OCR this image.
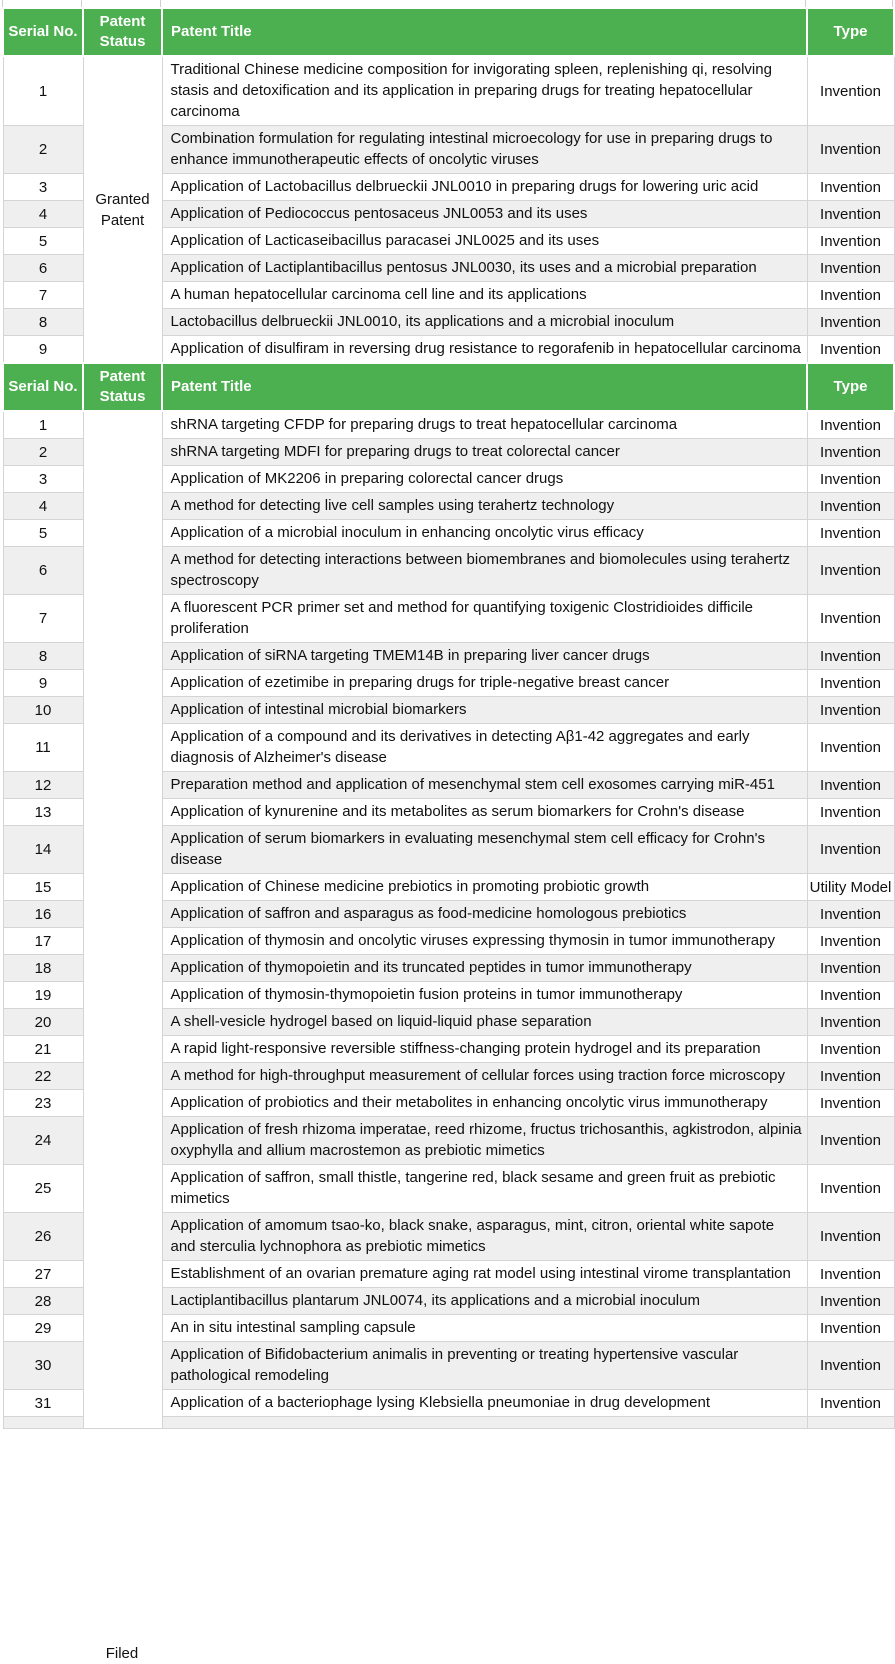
Serial No.	Patent Status	Patent Title	Type
1	Granted Patent	Traditional Chinese medicine composition for invigorating spleen, replenishing qi, resolving stasis and detoxification and its application in preparing drugs for treating hepatocellular carcinoma	Invention
2		Combination formulation for regulating intestinal microecology for use in preparing drugs to enhance immunotherapeutic effects of oncolytic viruses	Invention
3		Application of Lactobacillus delbrueckii JNL0010 in preparing drugs for lowering uric acid	Invention
4		Application of Pediococcus pentosaceus JNL0053 and its uses	Invention
5		Application of Lacticaseibacillus paracasei JNL0025 and its uses	Invention
6		Application of Lactiplantibacillus pentosus JNL0030, its uses and a microbial preparation	Invention
7		A human hepatocellular carcinoma cell line and its applications	Invention
8		Lactobacillus delbrueckii JNL0010, its applications and a microbial inoculum	Invention
9		Application of disulfiram in reversing drug resistance to regorafenib in hepatocellular carcinoma	Invention
Serial No.	Patent Status	Patent Title	Type
1		shRNA targeting CFDP for preparing drugs to treat hepatocellular carcinoma	Invention
2		shRNA targeting MDFI for preparing drugs to treat colorectal cancer	Invention
3		Application of MK2206 in preparing colorectal cancer drugs	Invention
4		A method for detecting live cell samples using terahertz technology	Invention
5		Application of a microbial inoculum in enhancing oncolytic virus efficacy	Invention
6		A method for detecting interactions between biomembranes and biomolecules using terahertz spectroscopy	Invention
7		A fluorescent PCR primer set and method for quantifying toxigenic Clostridioides difficile proliferation	Invention
8		Application of siRNA targeting TMEM14B in preparing liver cancer drugs	Invention
9		Application of ezetimibe in preparing drugs for triple-negative breast cancer	Invention
10		Application of intestinal microbial biomarkers	Invention
11		Application of a compound and its derivatives in detecting Aβ1-42 aggregates and early diagnosis of Alzheimer's disease	Invention
12		Preparation method and application of mesenchymal stem cell exosomes carrying miR-451	Invention
13		Application of kynurenine and its metabolites as serum biomarkers for Crohn's disease	Invention
14		Application of serum biomarkers in evaluating mesenchymal stem cell efficacy for Crohn's disease	Invention
15		Application of Chinese medicine prebiotics in promoting probiotic growth	Utility Model
16		Application of saffron and asparagus as food-medicine homologous prebiotics	Invention
17		Application of thymosin and oncolytic viruses expressing thymosin in tumor immunotherapy	Invention
18		Application of thymopoietin and its truncated peptides in tumor immunotherapy	Invention
19		Application of thymosin-thymopoietin fusion proteins in tumor immunotherapy	Invention
20		A shell-vesicle hydrogel based on liquid-liquid phase separation	Invention
21		A rapid light-responsive reversible stiffness-changing protein hydrogel and its preparation	Invention
22		A method for high-throughput measurement of cellular forces using traction force microscopy	Invention
23		Application of probiotics and their metabolites in enhancing oncolytic virus immunotherapy	Invention
24		Application of fresh rhizoma imperatae, reed rhizome, fructus trichosanthis, agkistrodon, alpinia oxyphylla and allium macrostemon as prebiotic mimetics	Invention
25		Application of saffron, small thistle, tangerine red, black sesame and green fruit as prebiotic mimetics	Invention
26		Application of amomum tsao-ko, black snake, asparagus, mint, citron, oriental white sapote and sterculia lychnophora as prebiotic mimetics	Invention
27		Establishment of an ovarian premature aging rat model using intestinal virome transplantation	Invention
28		Lactiplantibacillus plantarum JNL0074, its applications and a microbial inoculum	Invention
29		An in situ intestinal sampling capsule	Invention
30		Application of Bifidobacterium animalis in preventing or treating hypertensive vascular pathological remodeling	Invention
31		Application of a bacteriophage lysing Klebsiella pneumoniae in drug development	Invention

Filed
